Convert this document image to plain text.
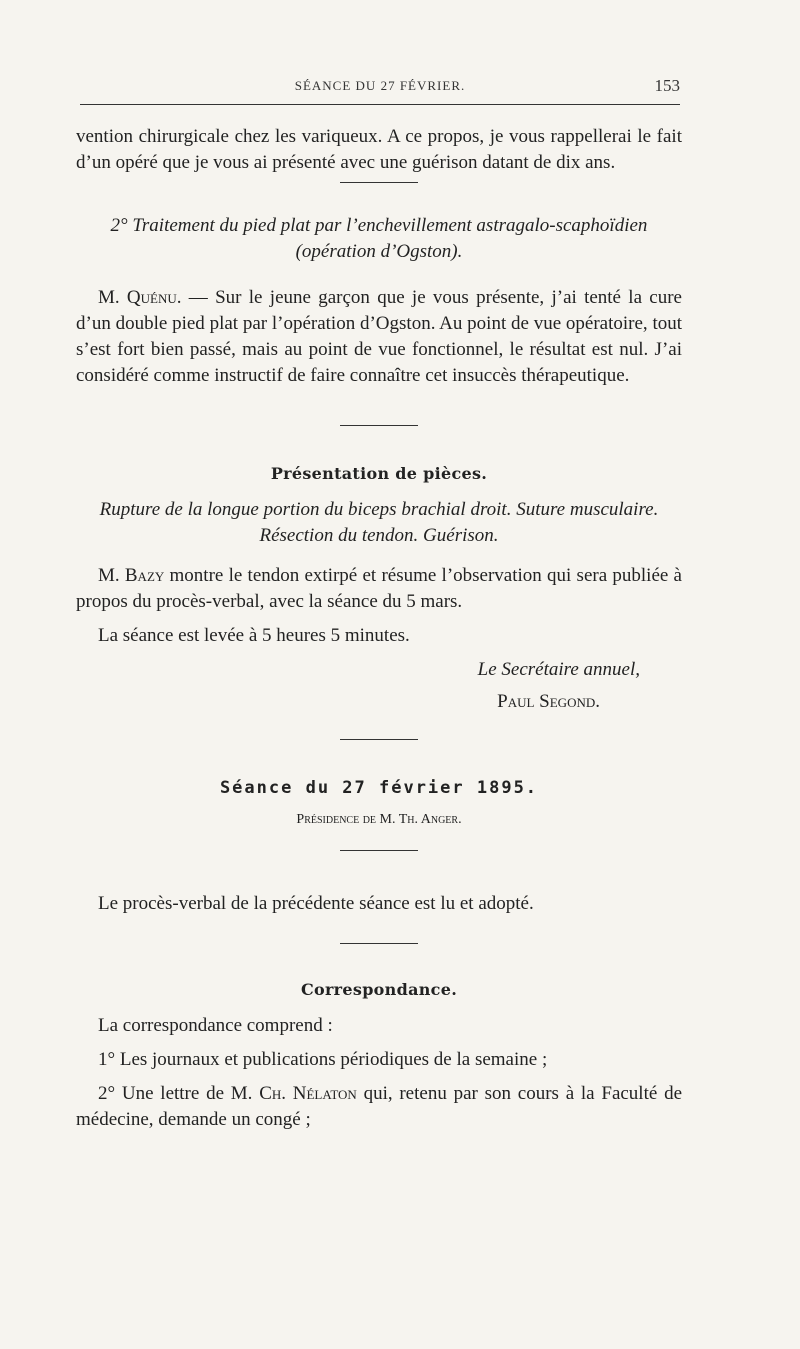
SÉANCE DU 27 FÉVRIER.	153

vention chirurgicale chez les variqueux. A ce propos, je vous rappellerai le fait d’un opéré que je vous ai présenté avec une guérison datant de dix ans.

2° Traitement du pied plat par l’enchevillement astragalo-scaphoïdien (opération d’Ogston).

M. Quénu. — Sur le jeune garçon que je vous présente, j’ai tenté la cure d’un double pied plat par l’opération d’Ogston. Au point de vue opératoire, tout s’est fort bien passé, mais au point de vue fonctionnel, le résultat est nul. J’ai considéré comme instructif de faire connaître cet insuccès thérapeutique.

Présentation de pièces.

Rupture de la longue portion du biceps brachial droit. Suture musculaire. Résection du tendon. Guérison.

M. Bazy montre le tendon extirpé et résume l’observation qui sera publiée à propos du procès-verbal, avec la séance du 5 mars.

La séance est levée à 5 heures 5 minutes.

Le Secrétaire annuel,

Paul Segond.

Séance du 27 février 1895.
Présidence de M. Th. Anger.

Le procès-verbal de la précédente séance est lu et adopté.

Correspondance.

La correspondance comprend :

1° Les journaux et publications périodiques de la semaine ;

2° Une lettre de M. Ch. Nélaton qui, retenu par son cours à la Faculté de médecine, demande un congé ;
